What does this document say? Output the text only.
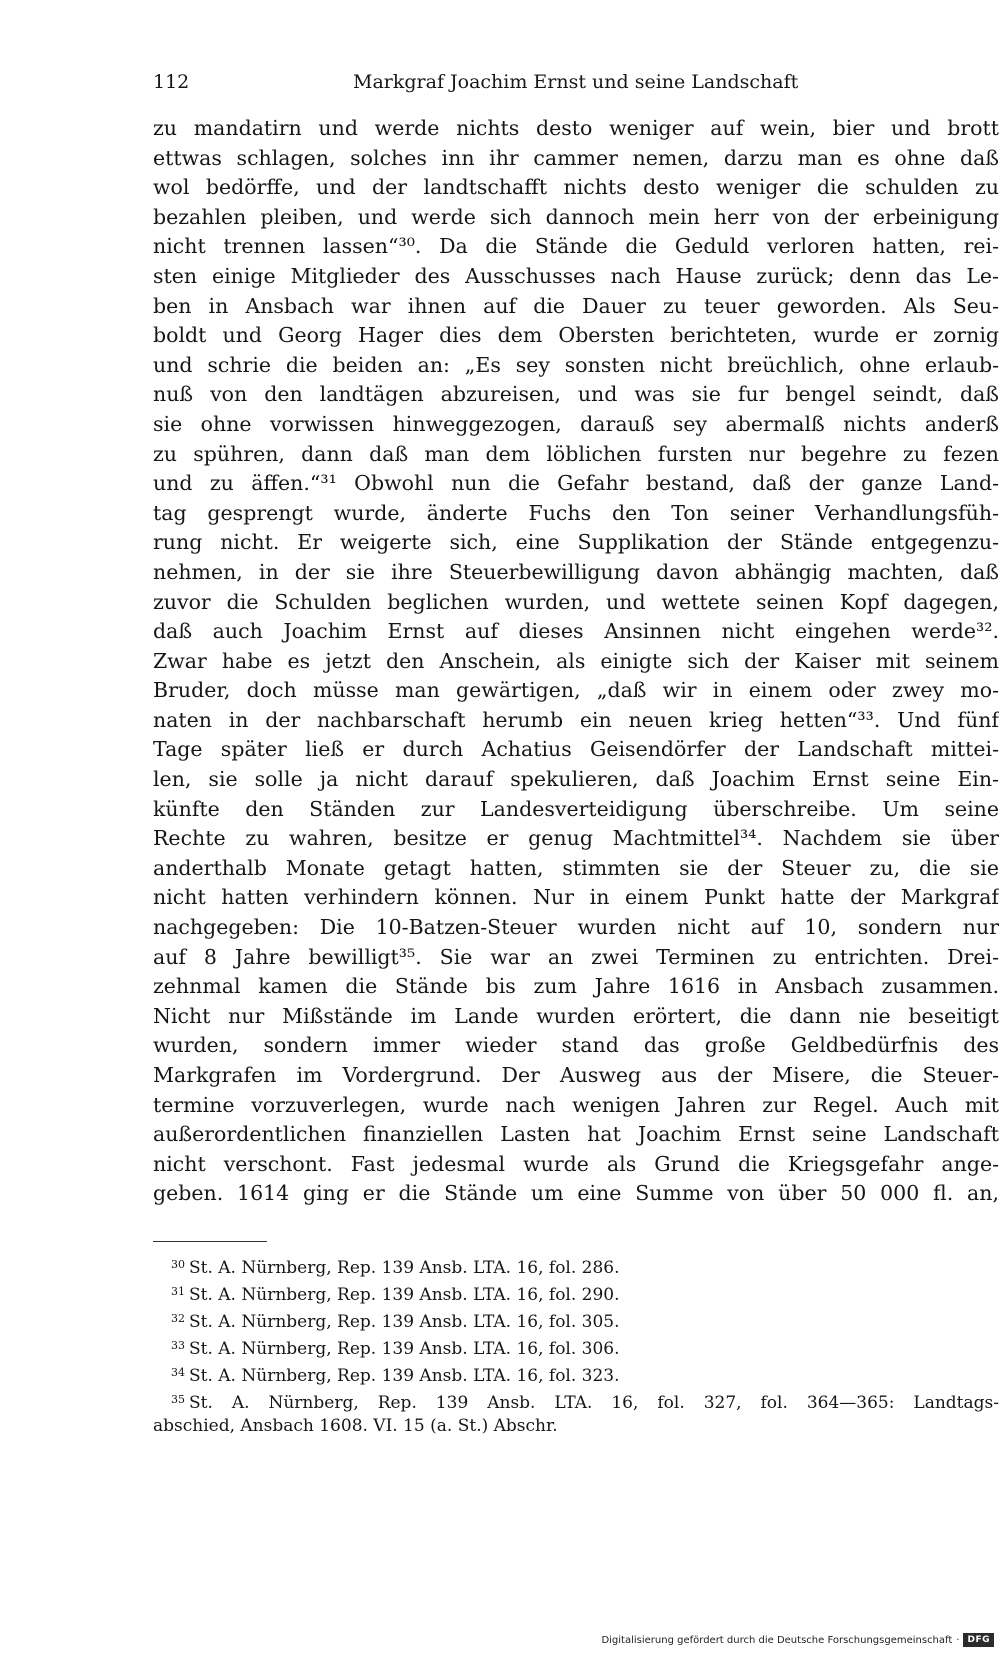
112	Markgraf Joachim Ernst und seine Landschaft
zu mandatirn und werde nichts desto weniger auf wein, bier und brott
ettwas schlagen, solches inn ihr cammer nemen, darzu man es ohne daß
wol bedörffe, und der landtschafft nichts desto weniger die schulden zu
bezahlen pleiben, und werde sich dannoch mein herr von der erbeinigung
nicht trennen lassen“³⁰. Da die Stände die Geduld verloren hatten, rei-
sten einige Mitglieder des Ausschusses nach Hause zurück; denn das Le-
ben in Ansbach war ihnen auf die Dauer zu teuer geworden. Als Seu-
boldt und Georg Hager dies dem Obersten berichteten, wurde er zornig
und schrie die beiden an: „Es sey sonsten nicht breüchlich, ohne erlaub-
nuß von den landtägen abzureisen, und was sie fur bengel seindt, daß
sie ohne vorwissen hinweggezogen, darauß sey abermalß nichts anderß
zu spühren, dann daß man dem löblichen fursten nur begehre zu fezen
und zu äffen.“³¹ Obwohl nun die Gefahr bestand, daß der ganze Land-
tag gesprengt wurde, änderte Fuchs den Ton seiner Verhandlungsfüh-
rung nicht. Er weigerte sich, eine Supplikation der Stände entgegenzu-
nehmen, in der sie ihre Steuerbewilligung davon abhängig machten, daß
zuvor die Schulden beglichen wurden, und wettete seinen Kopf dagegen,
daß auch Joachim Ernst auf dieses Ansinnen nicht eingehen werde³².
Zwar habe es jetzt den Anschein, als einigte sich der Kaiser mit seinem
Bruder, doch müsse man gewärtigen, „daß wir in einem oder zwey mo-
naten in der nachbarschaft herumb ein neuen krieg hetten“³³. Und fünf
Tage später ließ er durch Achatius Geisendörfer der Landschaft mittei-
len, sie solle ja nicht darauf spekulieren, daß Joachim Ernst seine Ein-
künfte den Ständen zur Landesverteidigung überschreibe. Um seine
Rechte zu wahren, besitze er genug Machtmittel³⁴. Nachdem sie über
anderthalb Monate getagt hatten, stimmten sie der Steuer zu, die sie
nicht hatten verhindern können. Nur in einem Punkt hatte der Markgraf
nachgegeben: Die 10-Batzen-Steuer wurden nicht auf 10, sondern nur
auf 8 Jahre bewilligt³⁵. Sie war an zwei Terminen zu entrichten. Drei-
zehnmal kamen die Stände bis zum Jahre 1616 in Ansbach zusammen.
Nicht nur Mißstände im Lande wurden erörtert, die dann nie beseitigt
wurden, sondern immer wieder stand das große Geldbedürfnis des
Markgrafen im Vordergrund. Der Ausweg aus der Misere, die Steuer-
termine vorzuverlegen, wurde nach wenigen Jahren zur Regel. Auch mit
außerordentlichen finanziellen Lasten hat Joachim Ernst seine Landschaft
nicht verschont. Fast jedesmal wurde als Grund die Kriegsgefahr ange-
geben. 1614 ging er die Stände um eine Summe von über 50 000 fl. an,
30 St. A. Nürnberg, Rep. 139 Ansb. LTA. 16, fol. 286.
31 St. A. Nürnberg, Rep. 139 Ansb. LTA. 16, fol. 290.
32 St. A. Nürnberg, Rep. 139 Ansb. LTA. 16, fol. 305.
33 St. A. Nürnberg, Rep. 139 Ansb. LTA. 16, fol. 306.
34 St. A. Nürnberg, Rep. 139 Ansb. LTA. 16, fol. 323.
35 St. A. Nürnberg, Rep. 139 Ansb. LTA. 16, fol. 327, fol. 364—365: Landtags-
abschied, Ansbach 1608. VI. 15 (a. St.) Abschr.
Digitalisierung gefördert durch die Deutsche Forschungsgemeinschaft · DFG
